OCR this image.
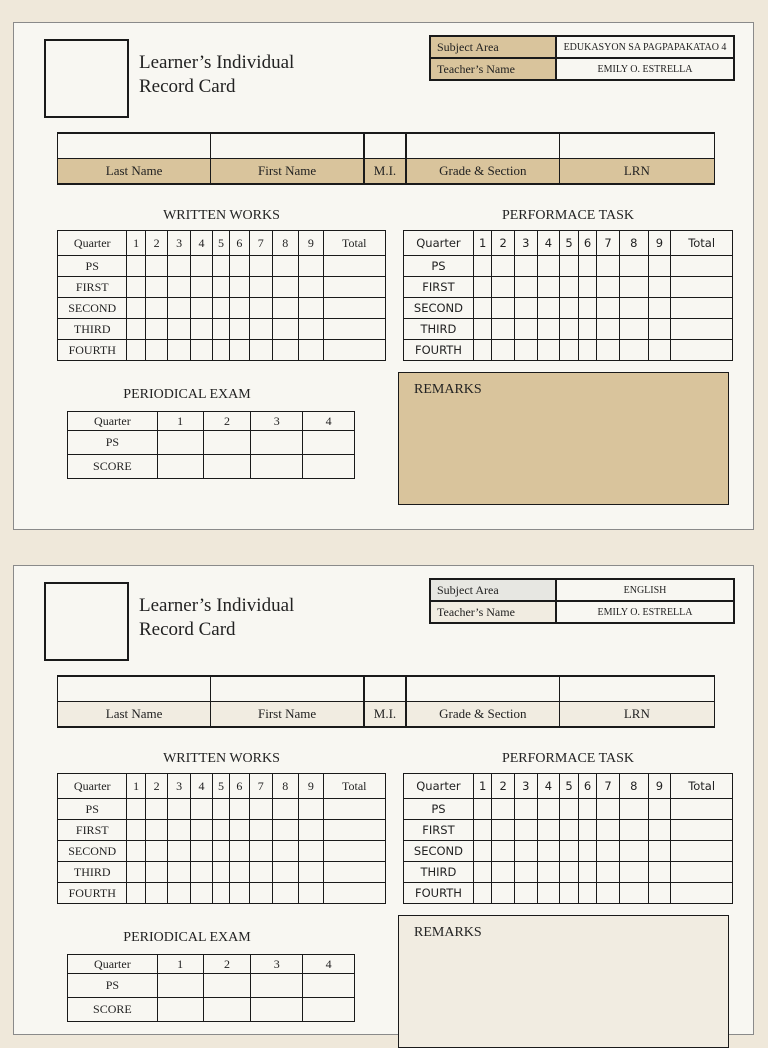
Learner’s Individual
Record Card
Subject Area	EDUKASYON SA PAGPAPAKATAO 4
Teacher’s Name	EMILY O. ESTRELLA

Last Name	First Name	M.I.	Grade & Section	LRN
WRITTEN WORKS	PERFORMACE TASK
PERIODICAL EXAM
Quarter	1	2	3	4	5	6	7	8	9	Total
PS										
FIRST										
SECOND										
THIRD										
FOURTH										
Quarter	1	2	3	4	5	6	7	8	9	Total
PS										
FIRST										
SECOND										
THIRD										
FOURTH										
Quarter	1	2	3	4
PS				
SCORE				
REMARKS
Learner’s Individual
Record Card
Subject Area	ENGLISH
Teacher’s Name	EMILY O. ESTRELLA

Last Name	First Name	M.I.	Grade & Section	LRN
WRITTEN WORKS	PERFORMACE TASK
PERIODICAL EXAM
Quarter	1	2	3	4	5	6	7	8	9	Total
PS										
FIRST										
SECOND										
THIRD										
FOURTH										
Quarter	1	2	3	4	5	6	7	8	9	Total
PS										
FIRST										
SECOND										
THIRD										
FOURTH										
Quarter	1	2	3	4
PS				
SCORE				
REMARKS
